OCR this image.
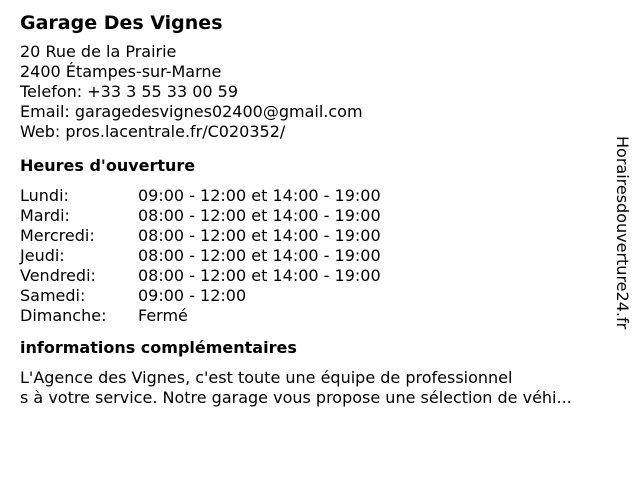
Garage Des Vignes
20 Rue de la Prairie
2400 Étampes-sur-Marne
Telefon: +33 3 55 33 00 59
Email: garagedesvignes02400@gmail.com
Web: pros.lacentrale.fr/C020352/
Heures d'ouverture
Lundi:	09:00 - 12:00 et 14:00 - 19:00
Mardi:	08:00 - 12:00 et 14:00 - 19:00
Mercredi:	08:00 - 12:00 et 14:00 - 19:00
Jeudi:	08:00 - 12:00 et 14:00 - 19:00
Vendredi:	08:00 - 12:00 et 14:00 - 19:00
Samedi:	09:00 - 12:00
Dimanche:	Fermé
informations complémentaires
L'Agence des Vignes, c'est toute une équipe de professionnel
s à votre service. Notre garage vous propose une sélection de véhi...
Horairesdouverture24.fr
